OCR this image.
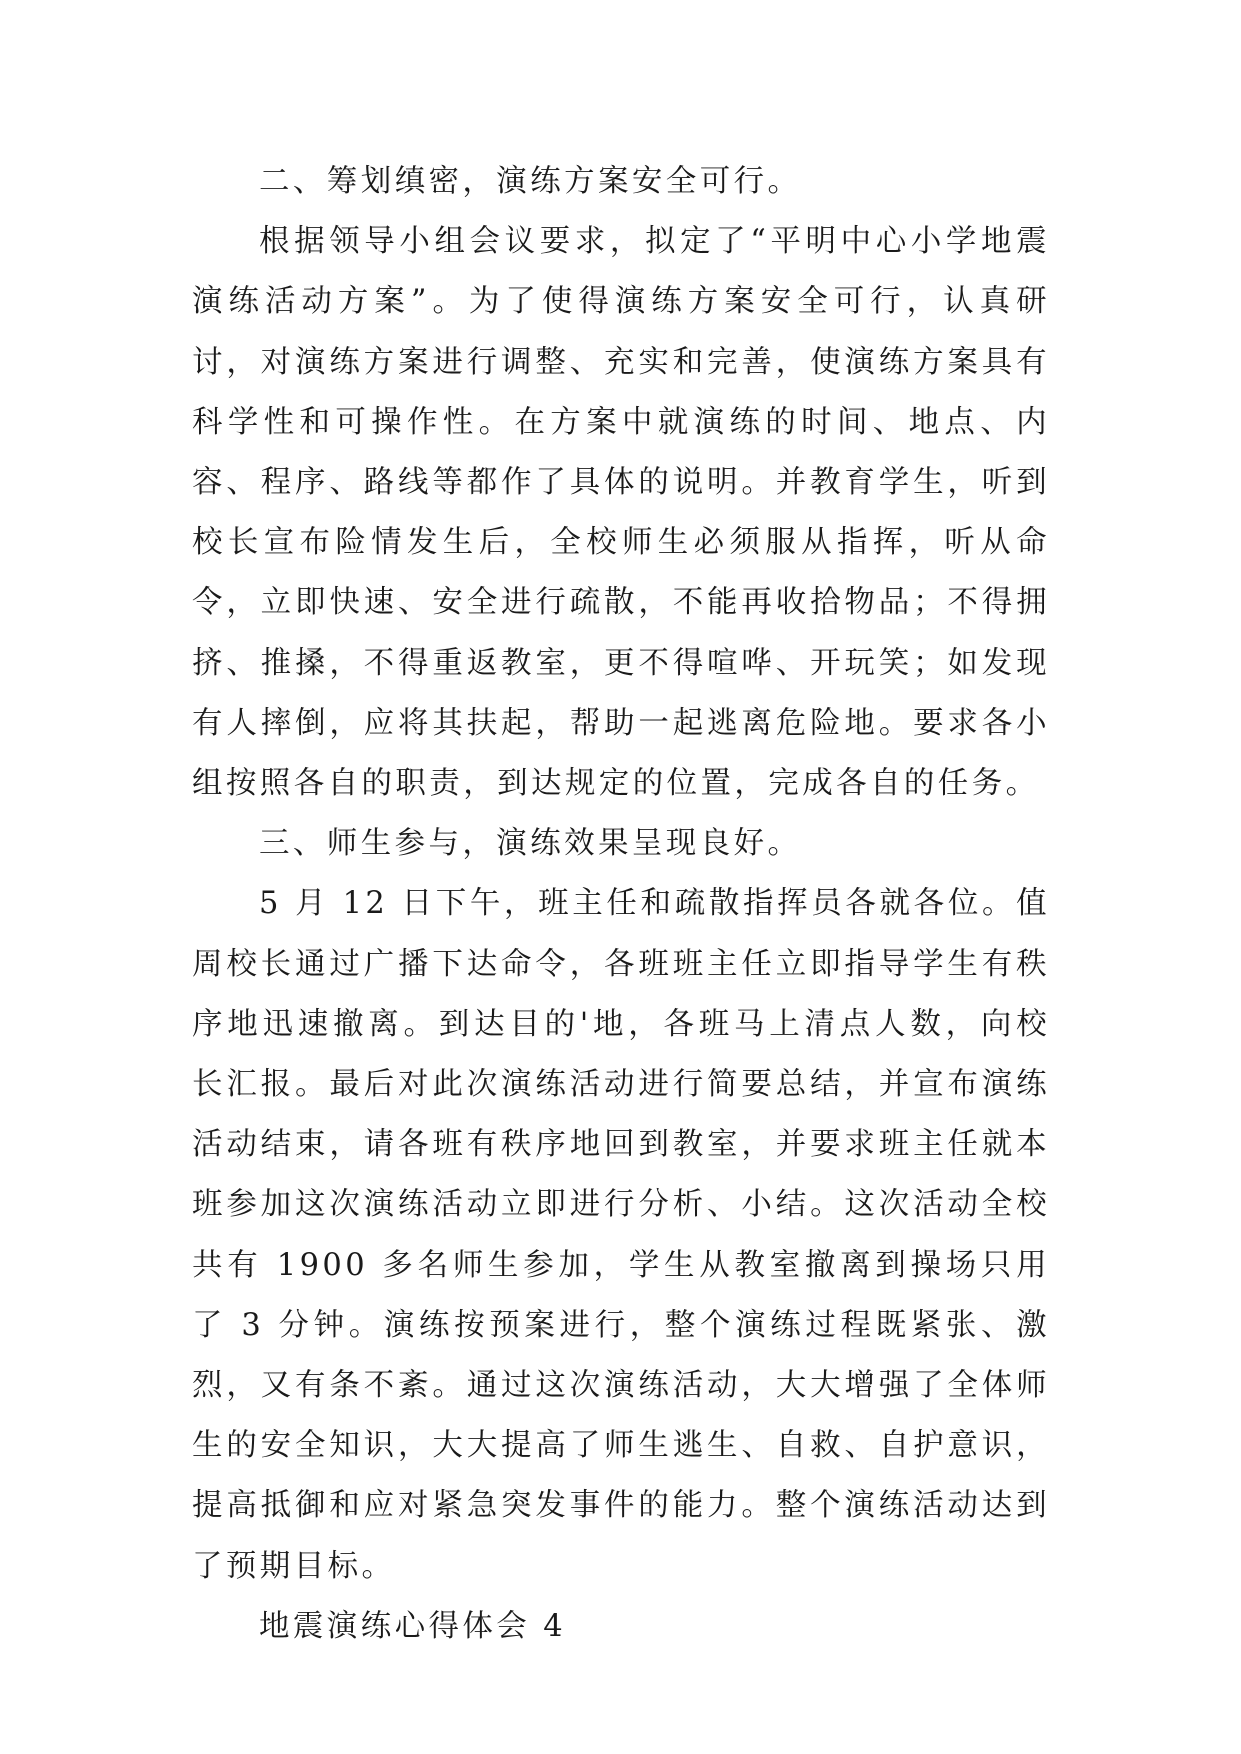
二、筹划缜密，演练方案安全可行。

根据领导小组会议要求，拟定了“平明中心小学地震演练活动方案”。为了使得演练方案安全可行，认真研讨，对演练方案进行调整、充实和完善，使演练方案具有科学性和可操作性。在方案中就演练的时间、地点、内容、程序、路线等都作了具体的说明。并教育学生，听到校长宣布险情发生后，全校师生必须服从指挥，听从命令，立即快速、安全进行疏散，不能再收拾物品；不得拥挤、推搡，不得重返教室，更不得喧哗、开玩笑；如发现有人摔倒，应将其扶起，帮助一起逃离危险地。要求各小组按照各自的职责，到达规定的位置，完成各自的任务。

三、师生参与，演练效果呈现良好。

5 月 12 日下午，班主任和疏散指挥员各就各位。值周校长通过广播下达命令，各班班主任立即指导学生有秩序地迅速撤离。到达目的'地，各班马上清点人数，向校长汇报。最后对此次演练活动进行简要总结，并宣布演练活动结束，请各班有秩序地回到教室，并要求班主任就本班参加这次演练活动立即进行分析、小结。这次活动全校共有 1900 多名师生参加，学生从教室撤离到操场只用了 3 分钟。演练按预案进行，整个演练过程既紧张、激烈，又有条不紊。通过这次演练活动，大大增强了全体师生的安全知识，大大提高了师生逃生、自救、自护意识，提高抵御和应对紧急突发事件的能力。整个演练活动达到了预期目标。

地震演练心得体会 4
